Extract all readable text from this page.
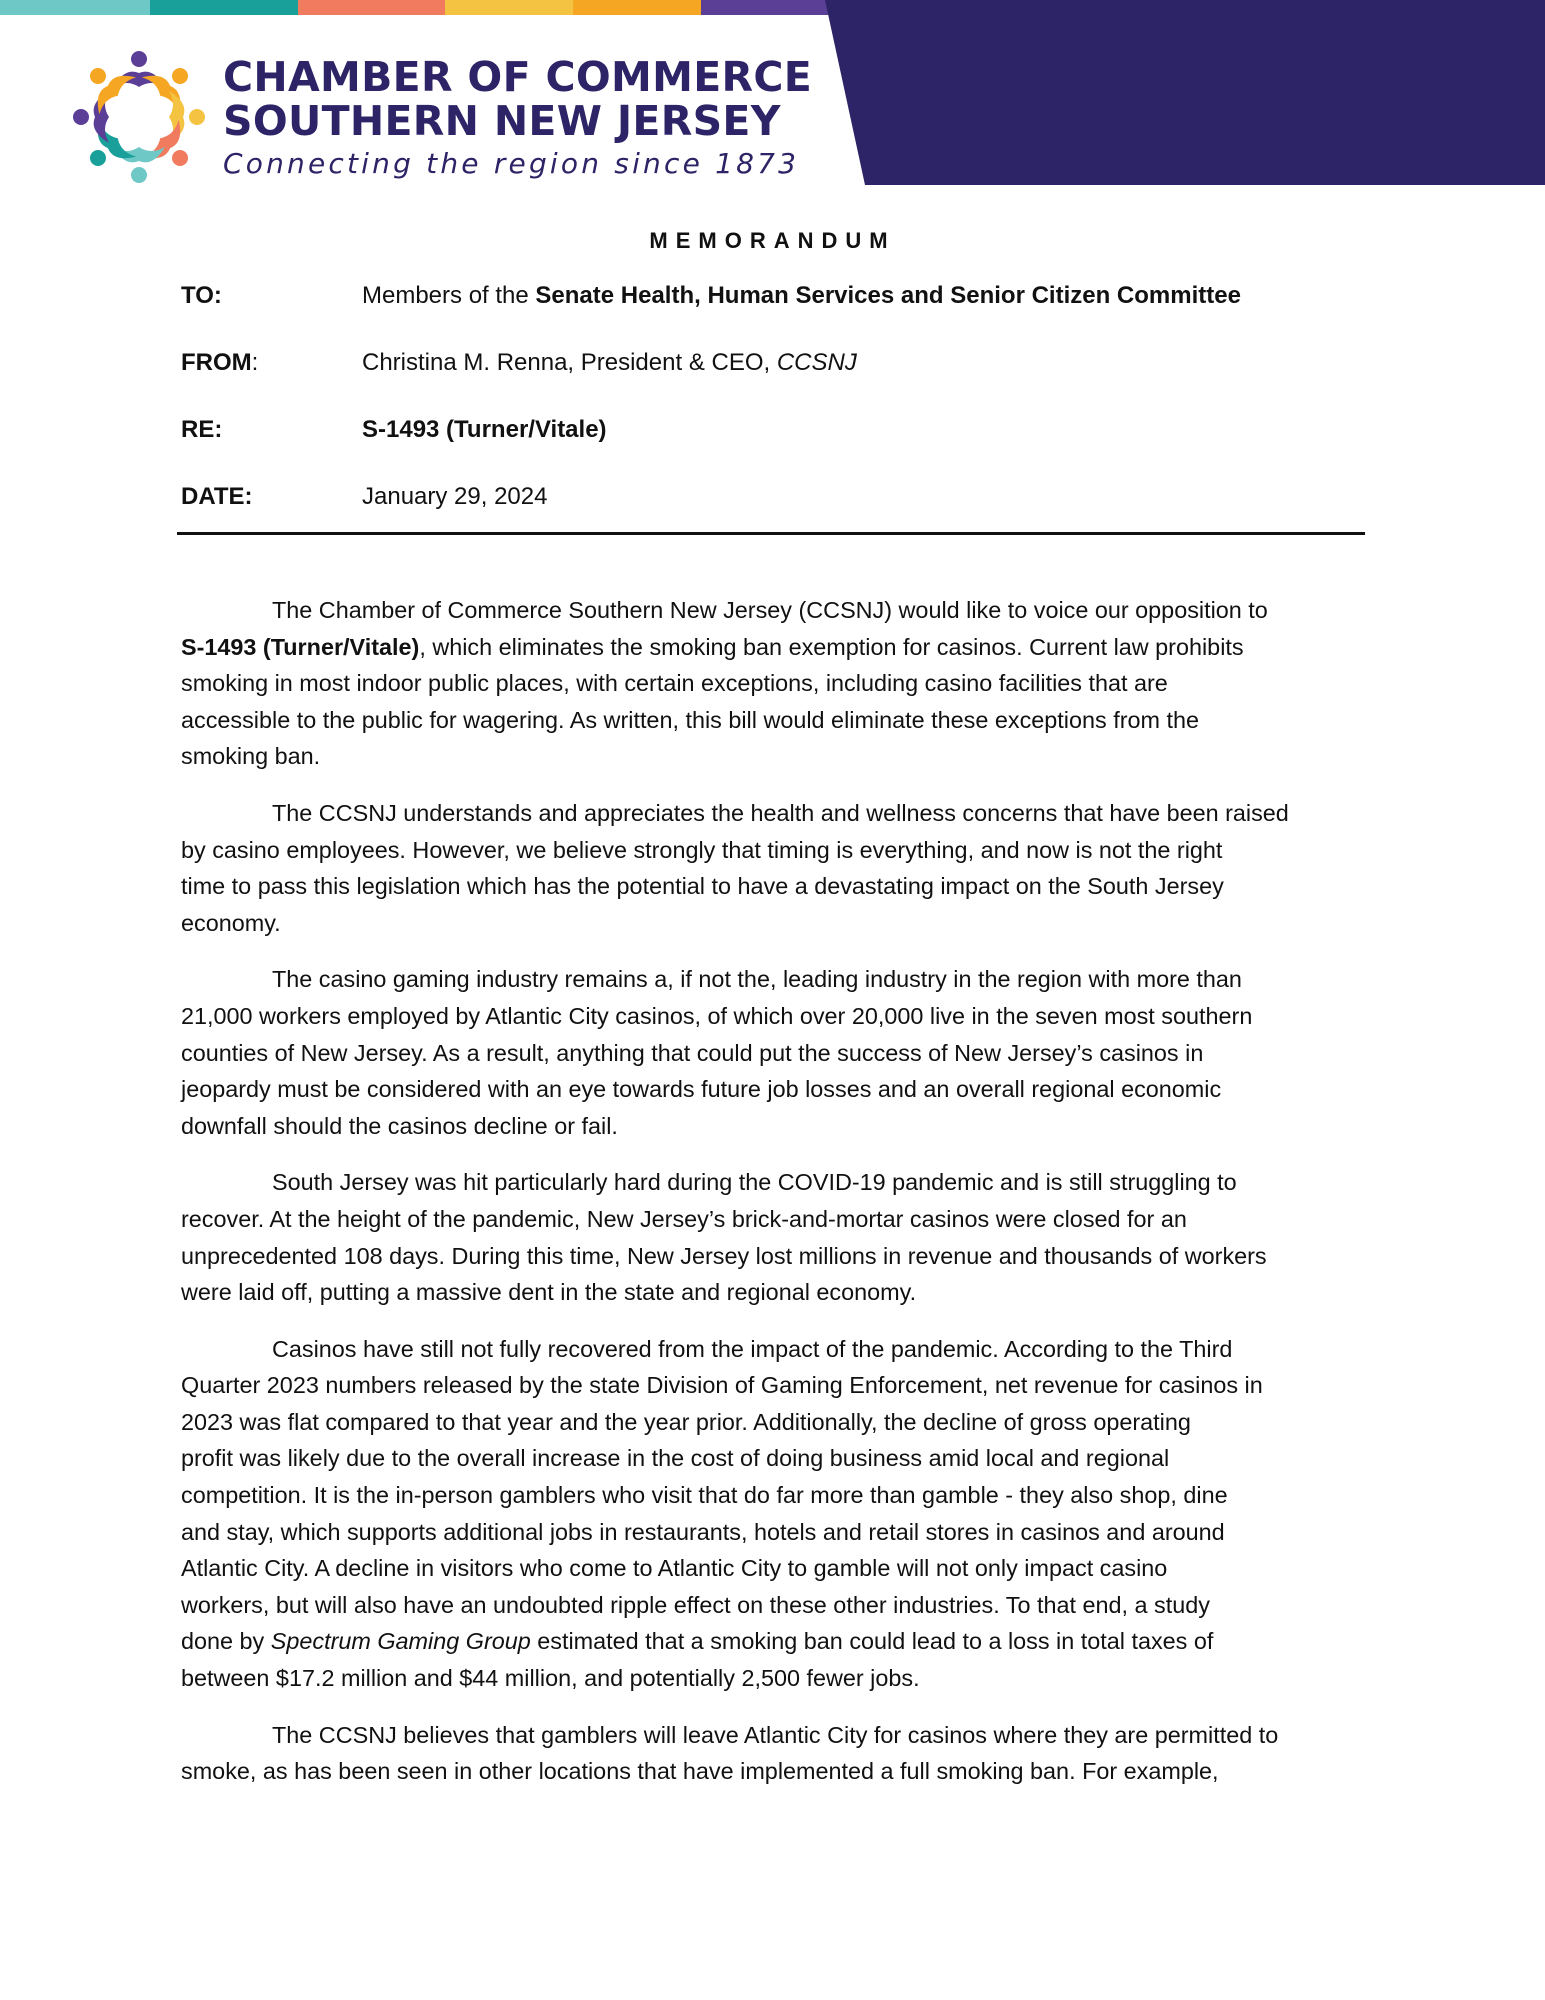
CHAMBER OF COMMERCE
SOUTHERN NEW JERSEY
Connecting the region since 1873
MEMORANDUM
TO:	Members of the Senate Health, Human Services and Senior Citizen Committee
FROM:	Christina M. Renna, President & CEO, CCSNJ
RE:	S-1493 (Turner/Vitale)
DATE:	January 29, 2024

The Chamber of Commerce Southern New Jersey (CCSNJ) would like to voice our opposition to
S-1493 (Turner/Vitale), which eliminates the smoking ban exemption for casinos. Current law prohibits
smoking in most indoor public places, with certain exceptions, including casino facilities that are
accessible to the public for wagering. As written, this bill would eliminate these exceptions from the
smoking ban.

The CCSNJ understands and appreciates the health and wellness concerns that have been raised
by casino employees. However, we believe strongly that timing is everything, and now is not the right
time to pass this legislation which has the potential to have a devastating impact on the South Jersey
economy.

The casino gaming industry remains a, if not the, leading industry in the region with more than
21,000 workers employed by Atlantic City casinos, of which over 20,000 live in the seven most southern
counties of New Jersey. As a result, anything that could put the success of New Jersey’s casinos in
jeopardy must be considered with an eye towards future job losses and an overall regional economic
downfall should the casinos decline or fail.

South Jersey was hit particularly hard during the COVID-19 pandemic and is still struggling to
recover. At the height of the pandemic, New Jersey’s brick-and-mortar casinos were closed for an
unprecedented 108 days. During this time, New Jersey lost millions in revenue and thousands of workers
were laid off, putting a massive dent in the state and regional economy.

Casinos have still not fully recovered from the impact of the pandemic. According to the Third
Quarter 2023 numbers released by the state Division of Gaming Enforcement, net revenue for casinos in
2023 was flat compared to that year and the year prior. Additionally, the decline of gross operating
profit was likely due to the overall increase in the cost of doing business amid local and regional
competition. It is the in-person gamblers who visit that do far more than gamble - they also shop, dine
and stay, which supports additional jobs in restaurants, hotels and retail stores in casinos and around
Atlantic City. A decline in visitors who come to Atlantic City to gamble will not only impact casino
workers, but will also have an undoubted ripple effect on these other industries. To that end, a study
done by Spectrum Gaming Group estimated that a smoking ban could lead to a loss in total taxes of
between $17.2 million and $44 million, and potentially 2,500 fewer jobs.

The CCSNJ believes that gamblers will leave Atlantic City for casinos where they are permitted to
smoke, as has been seen in other locations that have implemented a full smoking ban. For example,
